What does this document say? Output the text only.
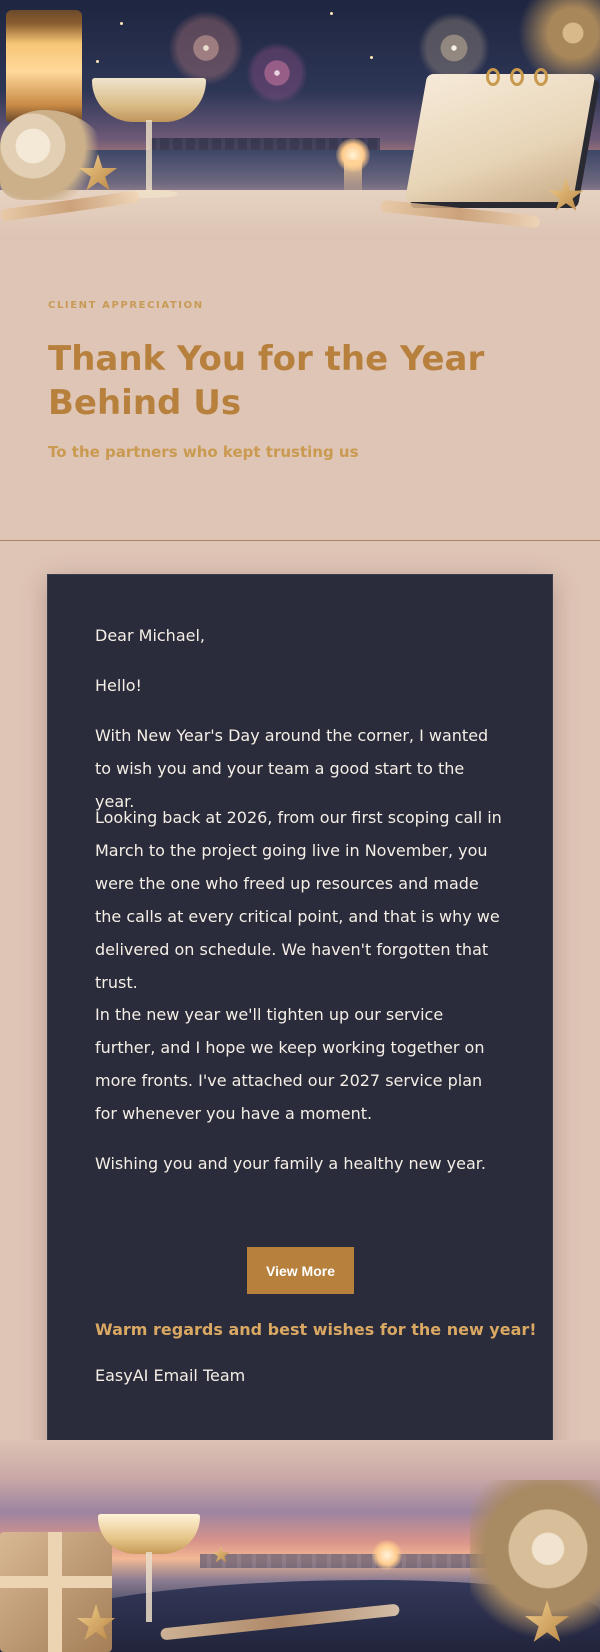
CLIENT APPRECIATION
Thank You for the Year Behind Us
To the partners who kept trusting us

Dear Michael,

Hello!

With New Year's Day around the corner, I wanted to wish you and your team a good start to the year.

Looking back at 2026, from our first scoping call in March to the project going live in November, you were the one who freed up resources and made the calls at every critical point, and that is why we delivered on schedule. We haven't forgotten that trust.

In the new year we'll tighten up our service further, and I hope we keep working together on more fronts. I've attached our 2027 service plan for whenever you have a moment.

Wishing you and your family a healthy new year.

View More
Warm regards and best wishes for the new year!
EasyAI Email Team
